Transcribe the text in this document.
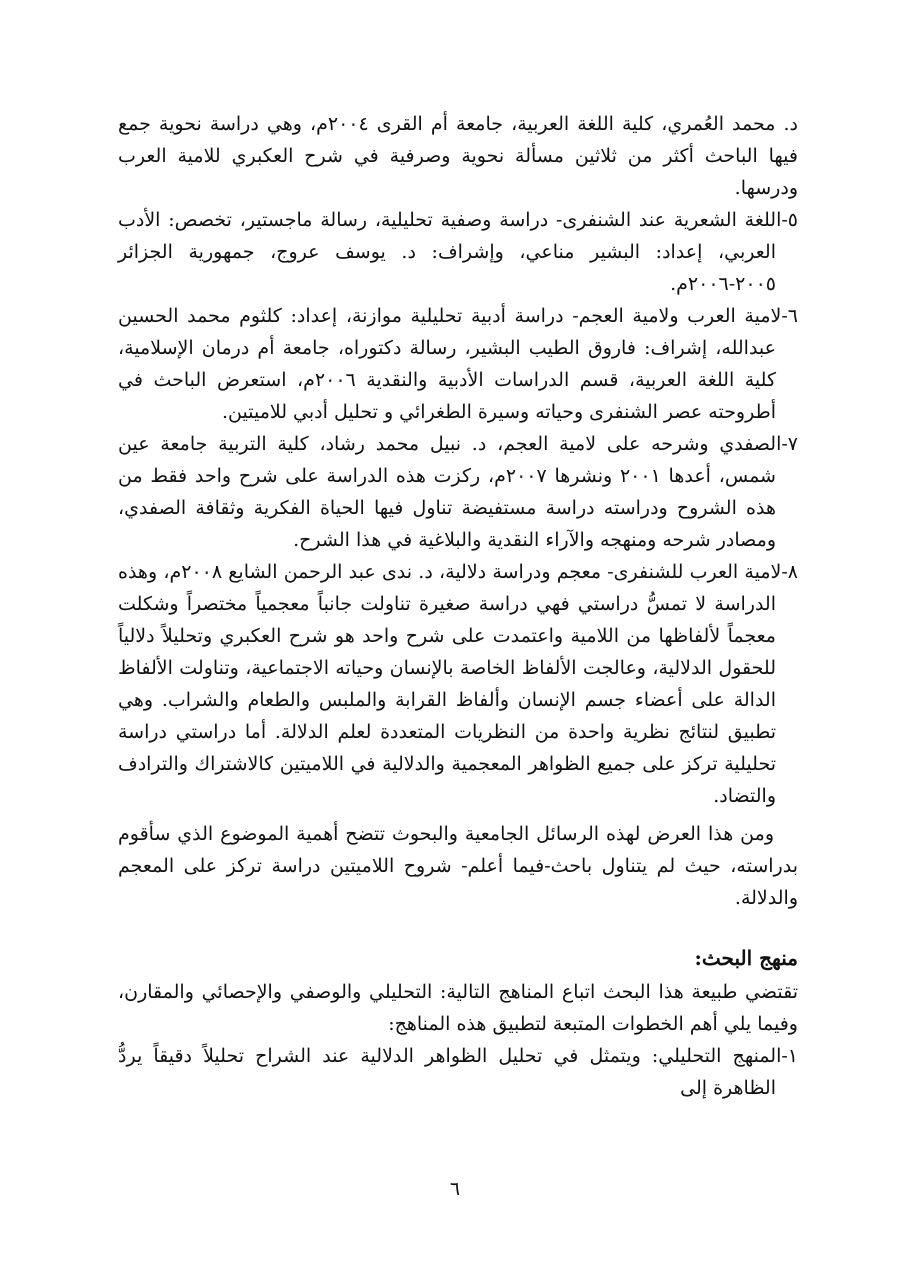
د. محمد العُمري، كلية اللغة العربية، جامعة أم القرى ٢٠٠٤م، وهي دراسة نحوية جمع فيها الباحث أكثر من ثلاثين مسألة نحوية وصرفية في شرح العكبري للامية العرب ودرسها.

٥-اللغة الشعرية عند الشنفرى- دراسة وصفية تحليلية، رسالة ماجستير، تخصص: الأدب العربي، إعداد: البشير مناعي، وإشراف: د. يوسف عروج، جمهورية الجزائر ٢٠٠٥-٢٠٠٦م.

٦-لامية العرب ولامية العجم- دراسة أدبية تحليلية موازنة، إعداد: كلثوم محمد الحسين عبدالله، إشراف: فاروق الطيب البشير، رسالة دكتوراه، جامعة أم درمان الإسلامية، كلية اللغة العربية، قسم الدراسات الأدبية والنقدية ٢٠٠٦م، استعرض الباحث في أطروحته عصر الشنفرى وحياته وسيرة الطغرائي و تحليل أدبي للاميتين.

٧-الصفدي وشرحه على لامية العجم، د. نبيل محمد رشاد، كلية التربية جامعة عين شمس، أعدها ٢٠٠١ ونشرها ٢٠٠٧م، ركزت هذه الدراسة على شرح واحد فقط من هذه الشروح ودراسته دراسة مستفيضة تناول فيها الحياة الفكرية وثقافة الصفدي، ومصادر شرحه ومنهجه والآراء النقدية والبلاغية في هذا الشرح.

٨-لامية العرب للشنفرى- معجم ودراسة دلالية، د. ندى عبد الرحمن الشايع ٢٠٠٨م، وهذه الدراسة لا تمسُّ دراستي فهي دراسة صغيرة تناولت جانباً معجمياً مختصراً وشكلت معجماً لألفاظها من اللامية واعتمدت على شرح واحد هو شرح العكبري وتحليلاً دلالياً للحقول الدلالية، وعالجت الألفاظ الخاصة بالإنسان وحياته الاجتماعية، وتناولت الألفاظ الدالة على أعضاء جسم الإنسان وألفاظ القرابة والملبس والطعام والشراب. وهي تطبيق لنتائج نظرية واحدة من النظريات المتعددة لعلم الدلالة. أما دراستي دراسة تحليلية تركز على جميع الظواهر المعجمية والدلالية في اللاميتين كالاشتراك والترادف والتضاد.

ومن هذا العرض لهذه الرسائل الجامعية والبحوث تتضح أهمية الموضوع الذي سأقوم بدراسته، حيث لم يتناول باحث-فيما أعلم- شروح اللاميتين دراسة تركز على المعجم والدلالة.

منهج البحث:

تقتضي طبيعة هذا البحث اتباع المناهج التالية: التحليلي والوصفي والإحصائي والمقارن، وفيما يلي أهم الخطوات المتبعة لتطبيق هذه المناهج:

١-المنهج التحليلي: ويتمثل في تحليل الظواهر الدلالية عند الشراح تحليلاً دقيقاً يردُّ الظاهرة إلى

٦
